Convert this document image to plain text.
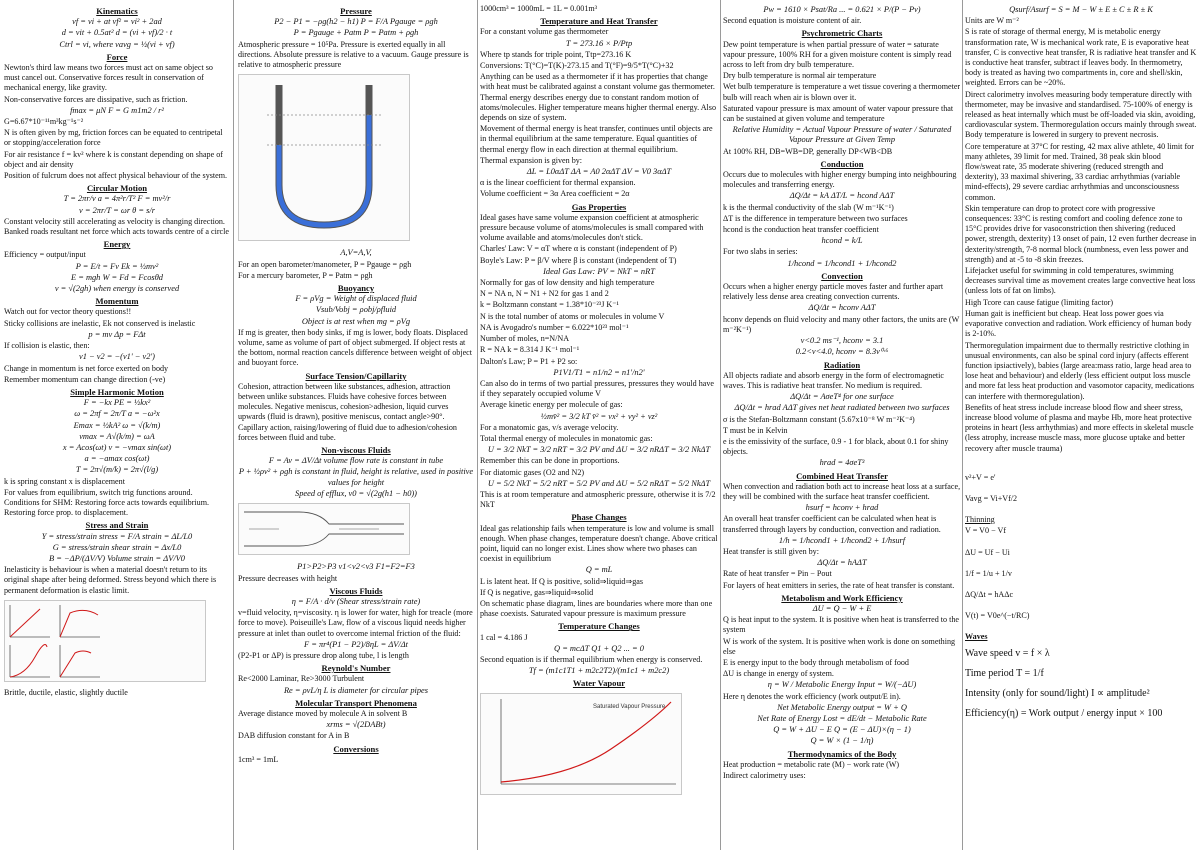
Kinematics

vf = vi + at vf² = vi² + 2ad

d = vit + 0.5at² d = (vi + vf)/2 · t

Ctrl = vi, where vavg = ½(vi + vf)

Force

Newton's third law means two forces must act on same object so must cancel out. Conservative forces result in conservation of mechanical energy, like gravity.

Non-conservative forces are dissipative, such as friction.

fmax = μN F = G m1m2 / r²

G=6.67*10⁻¹¹m³kg⁻¹s⁻²

N is often given by mg, friction forces can be equated to centripetal or stopping/acceleration force

For air resistance f = kv² where k is constant depending on shape of object and air density

Position of fulcrum does not affect physical behaviour of the system.

Circular Motion

T = 2πr/v a = 4π²r/T² F = mv²/r

v = 2πr/T = ωr θ = s/r

Constant velocity still accelerating as velocity is changing direction. Banked roads resultant net force which acts towards centre of a circle

Energy

Efficiency = output/input

P = E/t = Fv Ek = ½mv²

E = mgh W = Fd = Fcosθd

v = √(2gh) when energy is conserved

Momentum

Watch out for vector theory questions!!

Sticky collisions are inelastic, Ek not conserved is inelastic

p = mv Δp = FΔt

If collision is elastic, then:

v1 − v2 = −(v1' − v2')

Change in momentum is net force exerted on body

Remember momentum can change direction (-ve)

Simple Harmonic Motion

F = −kx PE = ½kx²

ω = 2πf = 2π/T a = −ω²x

Emax = ½kA² ω = √(k/m)

vmax = A√(k/m) = ωA

x = Acos(ωt) v = −vmax sin(ωt)

a = −amax cos(ωt)

T = 2π√(m/k) = 2π√(l/g)

k is spring constant x is displacement

For values from equilibrium, switch trig functions around. Conditions for SHM: Restoring force acts towards equilibrium. Restoring force prop. to displacement.

Stress and Strain

Y = stress/strain stress = F/A strain = ΔL/L0

G = stress/strain shear strain = Δx/L0

B = −ΔP/(ΔV/V) Volume strain = ΔV/V0

Inelasticity is behaviour is when a material doesn't return to its original shape after being deformed. Stress beyond which there is permanent deformation is elastic limit.

Brittle, ductile, elastic, slightly ductile

Pressure

P2 − P1 = −ρg(h2 − h1) P = F/A Pgauge = ρgh

P = Pgauge + Patm P = Patm + ρgh

Atmospheric pressure = 10⁵Pa. Pressure is exerted equally in all directions. Absolute pressure is relative to a vacuum. Gauge pressure is relative to atmospheric pressure

A,V=A,V,

For an open barometer/manometer, P = Pgauge = ρgh

For a mercury barometer, P = Patm = ρgh

Buoyancy

F = ρVg = Weight of displaced fluid

Vsub/Vobj = ρobj/ρfluid

Object is at rest when mg = ρVg

If mg is greater, then body sinks, if mg is lower, body floats. Displaced volume, same as volume of part of object submerged. If object rests at the bottom, normal reaction cancels difference between weight of object and buoyant force.

Surface Tension/Capillarity

Cohesion, attraction between like substances, adhesion, attraction between unlike substances. Fluids have cohesive forces between molecules. Negative meniscus, cohesion>adhesion, liquid curves upwards (fluid is drawn), positive meniscus, contact angle>90°. Capillary action, raising/lowering of fluid due to adhesion/cohesion forces between fluid and tube.

Non-viscous Fluids

F = Av = ΔV/Δt volume flow rate is constant in tube

P + ½ρv² + ρgh is constant in fluid, height is relative, used in positive values for height

Speed of efflux, v0 = √(2g(h1 − h0))

P1>P2>P3 v1<v2<v3 F1=F2=F3

Pressure decreases with height

Viscous Fluids

η = F/A · d/v (Shear stress/strain rate)

v=fluid velocity, η=viscosity. η is lower for water, high for treacle (more force to move). Poiseuille's Law, flow of a viscous liquid needs higher pressure at inlet than outlet to overcome internal friction of the fluid:

F = πr⁴(P1 − P2)/8ηL = ΔV/Δt

(P2-P1 or ΔP) is pressure drop along tube, l is length

Reynold's Number

Re<2000 Laminar, Re>3000 Turbulent

Re = ρvL/η L is diameter for circular pipes

Molecular Transport Phenomena

Average distance moved by molecule A in solvent B

xrms = √(2DABt)

DAB diffusion constant for A in B

Conversions

1cm³ = 1mL

1000cm³ = 1000mL = 1L = 0.001m³

Temperature and Heat Transfer

For a constant volume gas thermometer

T = 273.16 × P/Ptp

Where tp stands for triple point, Ttp=273.16 K

Conversions: T(°C)=T(K)-273.15 and T(°F)=9/5*T(°C)+32

Anything can be used as a thermometer if it has properties that change with heat must be calibrated against a constant volume gas thermometer. Thermal energy describes energy due to constant random motion of atoms/molecules. Higher temperature means higher thermal energy. Also depends on size of system.

Movement of thermal energy is heat transfer, continues until objects are in thermal equilibrium at the same temperature. Equal quantities of thermal energy flow in each direction at thermal equilibrium.

Thermal expansion is given by:

ΔL = L0αΔT ΔA = A0 2αΔT ΔV = V0 3αΔT

α is the linear coefficient for thermal expansion.

Volume coefficient = 3α Area coefficient = 2α

Gas Properties

Ideal gases have same volume expansion coefficient at atmospheric pressure because volume of atoms/molecules is small compared with volume available and atoms/molecules don't stick.

Charles' Law: V = αT where α is constant (independent of P)

Boyle's Law: P = β/V where β is constant (independent of T)

Ideal Gas Law: PV = NkT = nRT

Normally for gas of low density and high temperature

N = NA n, N = N1 + N2 for gas 1 and 2

k = Boltzmann constant = 1.38*10⁻²³J K⁻¹

N is the total number of atoms or molecules in volume V

NA is Avogadro's number = 6.022*10²³ mol⁻¹

Number of moles, n=N/NA

R = NA k = 8.314 J K⁻¹ mol⁻¹

Dalton's Law; P = P1 + P2 so:

P1V1/T1 = n1/n2 = n1'/n2'

Can also do in terms of two partial pressures, pressures they would have if they separately occupied volume V

Average kinetic energy per molecule of gas:

½mv̄² = 3/2 kT v̄² = vx² + vy² + vz²

For a monatomic gas, v/s average velocity.

Total thermal energy of molecules in monatomic gas:

U = 3/2 NkT = 3/2 nRT = 3/2 PV and ΔU = 3/2 nRΔT = 3/2 NkΔT

Remember this can be done in proportions.

For diatomic gases (O2 and N2)

U = 5/2 NkT = 5/2 nRT = 5/2 PV and ΔU = 5/2 nRΔT = 5/2 NkΔT

This is at room temperature and atmospheric pressure, otherwise it is 7/2 NkT

Phase Changes

Ideal gas relationship fails when temperature is low and volume is small enough. When phase changes, temperature doesn't change. Above critical point, liquid can no longer exist. Lines show where two phases can coexist in equilibrium

Q = mL

L is latent heat. If Q is positive, solid⇒liquid⇒gas

If Q is negative, gas⇒liquid⇒solid

On schematic phase diagram, lines are boundaries where more than one phase coexists. Saturated vapour pressure is maximum pressure

Temperature Changes

1 cal = 4.186 J

Q = mcΔT Q1 + Q2 ... = 0

Second equation is if thermal equilibrium when energy is conserved.

Tf = (m1c1T1 + m2c2T2)/(m1c1 + m2c2)

Water Vapour
Saturated Vapour Pressure

Pw = 1610 × Psat/Ra ... = 0.621 × P/(P − Pv)

Second equation is moisture content of air.

Psychrometric Charts

Dew point temperature is when partial pressure of water = saturate vapour pressure, 100% RH for a given moisture content is simply read across to left from dry bulb temperature.

Dry bulb temperature is normal air temperature

Wet bulb temperature is temperature a wet tissue covering a thermometer bulb will reach when air is blown over it.

Saturated vapour pressure is max amount of water vapour pressure that can be sustained at given volume and temperature

Relative Humidity = Actual Vapour Pressure of water / Saturated Vapour Pressure at Given Temp

At 100% RH, DB=WB=DP, generally DP<WB<DB

Conduction

Occurs due to molecules with higher energy bumping into neighbouring molecules and transferring energy.

ΔQ/Δt = kA ΔT/L = hcond AΔT

k is the thermal conductivity of the slab (W m⁻¹K⁻¹)

ΔT is the difference in temperature between two surfaces

hcond is the conduction heat transfer coefficient

hcond = k/L

For two slabs in series:

1/hcond = 1/hcond1 + 1/hcond2

Convection

Occurs when a higher energy particle moves faster and further apart relatively less dense area creating convection currents.

ΔQ/Δt = hconv AΔT

hconv depends on fluid velocity and many other factors, the units are (W m⁻²K⁻¹)

v<0.2 ms⁻¹, hconv = 3.1

0.2<v<4.0, hconv = 8.3v⁰·⁶

Radiation

All objects radiate and absorb energy in the form of electromagnetic waves. This is radiative heat transfer. No medium is required.

ΔQ/Δt = AσeT⁴ for one surface

ΔQ/Δt = hrad AΔT gives net heat radiated between two surfaces

σ is the Stefan-Boltzmann constant (5.67x10⁻⁸ W m⁻²K⁻⁴)

T must be in Kelvin

e is the emissivity of the surface, 0.9 - 1 for black, about 0.1 for shiny objects.

hrad = 4σeT³

Combined Heat Transfer

When convection and radiation both act to increase heat loss at a surface, they will be combined with the surface heat transfer coefficient.

hsurf = hconv + hrad

An overall heat transfer coefficient can be calculated when heat is transferred through layers by conduction, convection and radiation.

1/h = 1/hcond1 + 1/hcond2 + 1/hsurf

Heat transfer is still given by:

ΔQ/Δt = hAΔT

Rate of heat transfer = Pin − Pout

For layers of heat emitters in series, the rate of heat transfer is constant.

Metabolism and Work Efficiency

ΔU = Q − W + E

Q is heat input to the system. It is positive when heat is transferred to the system

W is work of the system. It is positive when work is done on something else

E is energy input to the body through metabolism of food

ΔU is change in energy of system.

η = W / Metabolic Energy Input = W/(−ΔU)

Here η denotes the work efficiency (work output/E in).

Net Metabolic Energy output = W + Q

Net Rate of Energy Lost = dE/dt − Metabolic Rate

Q = W + ΔU − E Q = (E − ΔU)×(η − 1)

Q = W × (1 − 1/η)

Thermodynamics of the Body

Heat production = metabolic rate (M) − work rate (W)

Indirect calorimetry uses:

Qsurf/Asurf = S = M − W ± E ± C ± R ± K

Units are W m⁻²

S is rate of storage of thermal energy, M is metabolic energy transformation rate, W is mechanical work rate, E is evaporative heat transfer, C is convective heat transfer, R is radiative heat transfer and K is conductive heat transfer, subtract if leaves body. In thermometry, body is treated as having two compartments in, core and shell/skin, weighted. Errors can be ~20%.

Direct calorimetry involves measuring body temperature directly with thermometer, may be invasive and standardised. 75-100% of energy is released as heat internally which must be off-loaded via skin, avoiding, cardiovascular system. Thermoregulation occurs mainly through sweat. Body temperature is lowered in surgery to prevent necrosis.

Core temperature at 37°C for resting, 42 max alive athlete, 40 limit for many athletes, 39 limit for med. Trained, 38 peak skin blood flow/sweat rate, 35 moderate shivering (reduced strength and dexterity), 33 maximal shivering, 33 cardiac arrhythmias (variable mind-effects), 29 severe cardiac arrhythmias and unconsciousness common.

Skin temperature can drop to protect core with progressive consequences: 33°C is resting comfort and cooling defence zone to 15°C provides drive for vasoconstriction then shivering (reduced power, strength, dexterity) 13 onset of pain, 12 even further decrease in dexterity/strength, 7-8 normal block (numbness, even less power and strength) and at -5 to -8 skin freezes.

Lifejacket useful for swimming in cold temperatures, swimming decreases survival time as movement creates large convective heat loss (unless lots of fat on limbs).

High Tcore can cause fatigue (limiting factor)

Human gait is inefficient but cheap. Heat loss power goes via evaporative convection and radiation. Work efficiency of human body is 2-10%.

Thermoregulation impairment due to thermally restrictive clothing in unusual environments, can also be spinal cord injury (affects efferent function ipsiactively), babies (large area:mass ratio, large head area to lose heat and behaviour) and elderly (less efficient output loss muscle and more fat less heat production and vasomotor capacity, medications can interfere with thermoregulation).

Benefits of heat stress include increase blood flow and sheer stress, increase blood volume of plasma and maybe Hb, more heat protective proteins in heart (less arrhythmias) and more effects in skeletal muscle (less atrophy, increase muscle mass, more glucose uptake and better recovery after muscle trauma)

v²+V = e'

Vavg = Vi+Vf/2

Thinning

V = V0 − Vf

ΔU = Uf − Ui

1/f = 1/u + 1/v

ΔQ/Δt = hAΔc

V(t) = V0e^(−t/RC)

Waves

Wave speed v = f × λ

Time period T = 1/f

Intensity (only for sound/light) I ∝ amplitude²

Efficiency(η) = Work output / energy input × 100
